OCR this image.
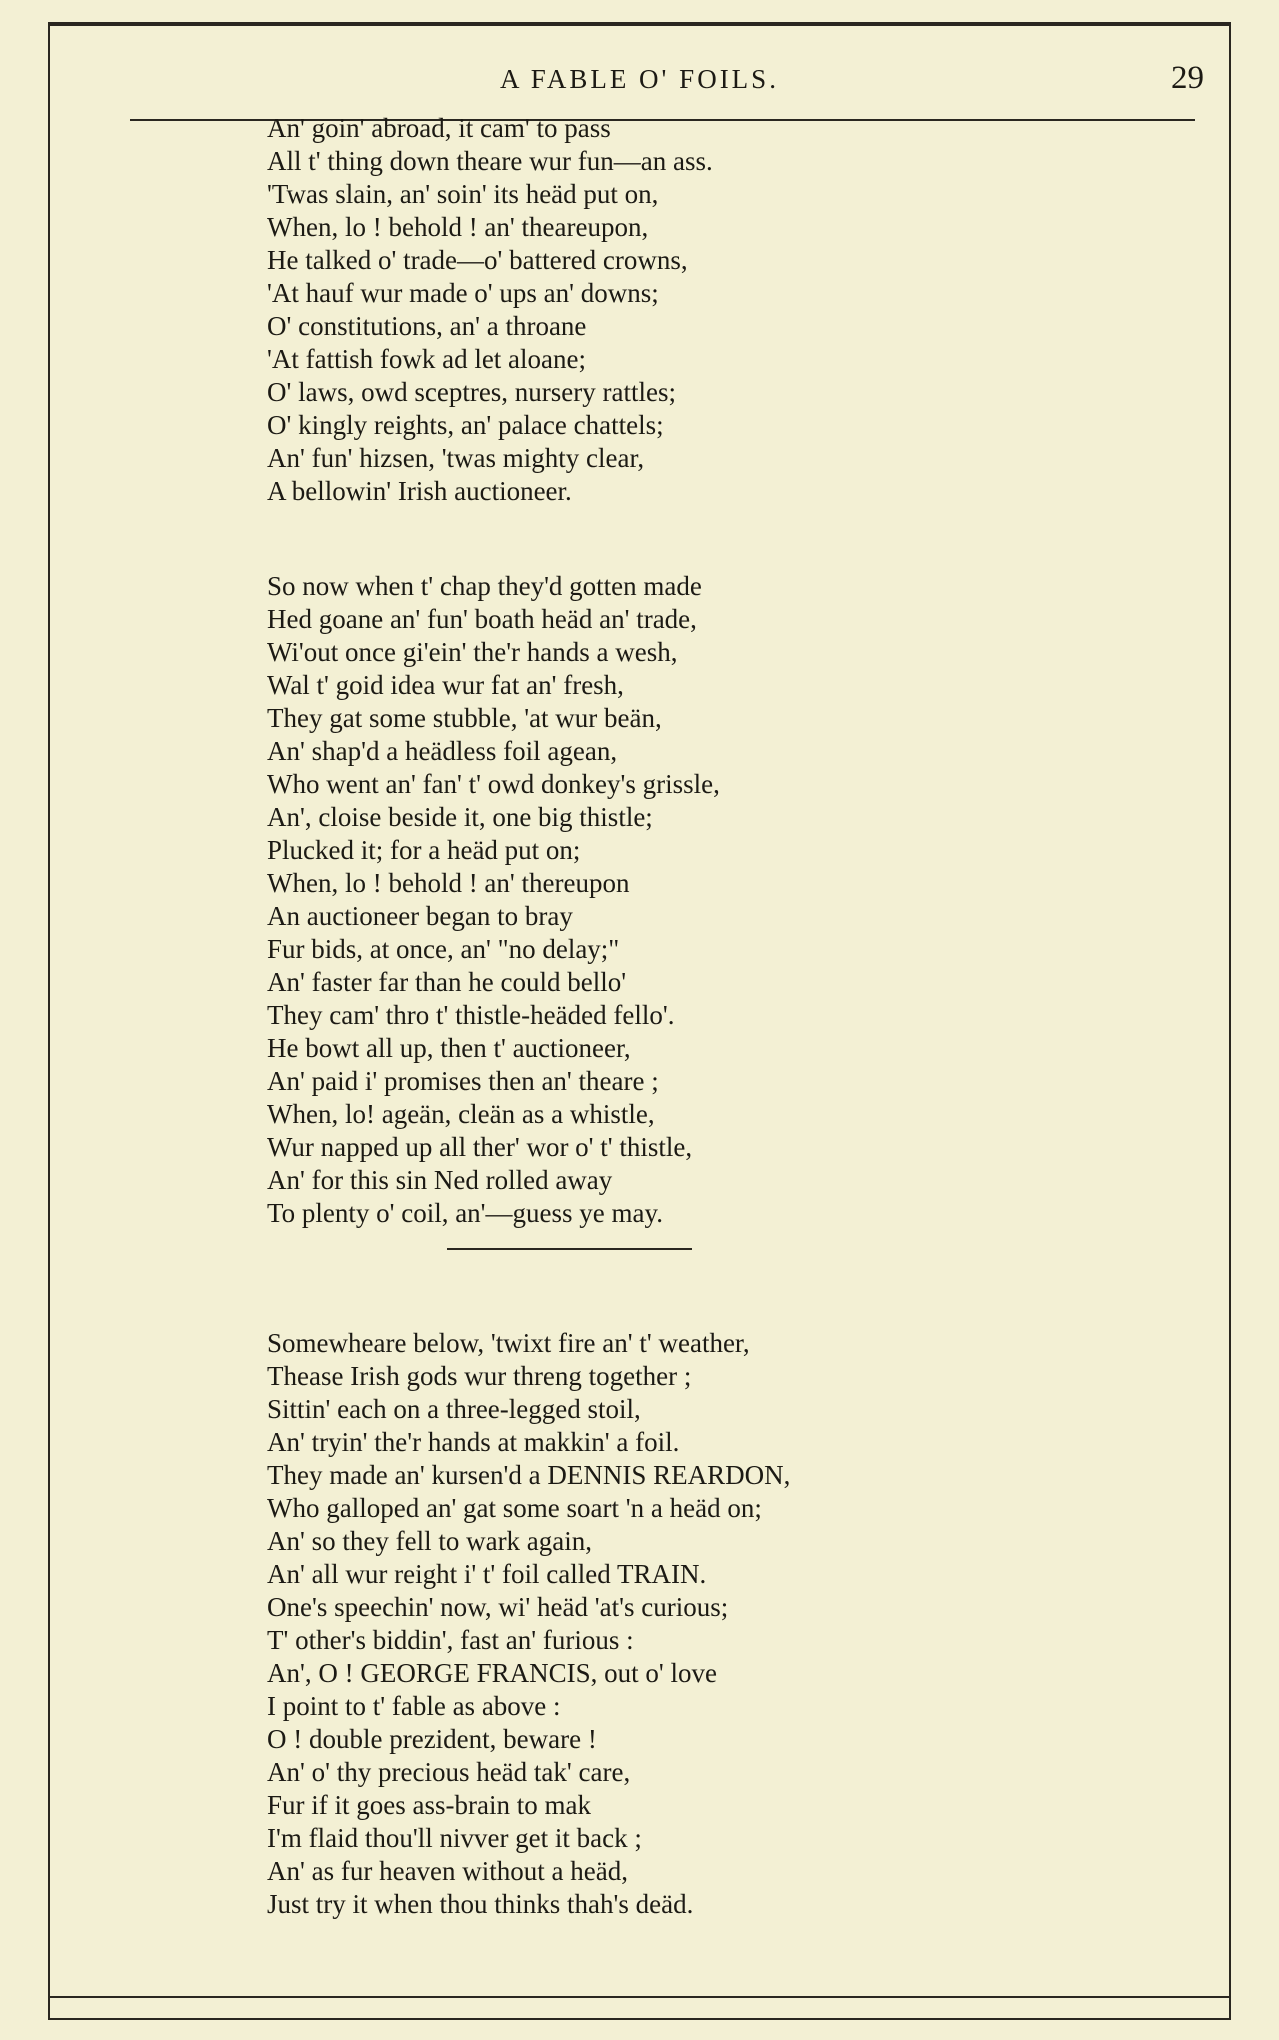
A FABLE O' FOILS.	29
An' goin' abroad, it cam' to pass
All t' thing down theare wur fun—an ass.
'Twas slain, an' soin' its heäd put on,
When, lo ! behold ! an' theareupon,
He talked o' trade—o' battered crowns,
'At hauf wur made o' ups an' downs;
O' constitutions, an' a throane
'At fattish fowk ad let aloane;
O' laws, owd sceptres, nursery rattles;
O' kingly reights, an' palace chattels;
An' fun' hizsen, 'twas mighty clear,
A bellowin' Irish auctioneer.
So now when t' chap they'd gotten made
Hed goane an' fun' boath heäd an' trade,
Wi'out once gi'ein' the'r hands a wesh,
Wal t' goid idea wur fat an' fresh,
They gat some stubble, 'at wur beän,
An' shap'd a heädless foil agean,
Who went an' fan' t' owd donkey's grissle,
An', cloise beside it, one big thistle;
Plucked it; for a heäd put on;
When, lo ! behold ! an' thereupon
An auctioneer began to bray
Fur bids, at once, an' "no delay;"
An' faster far than he could bello'
They cam' thro t' thistle-heäded fello'.
He bowt all up, then t' auctioneer,
An' paid i' promises then an' theare ;
When, lo! ageän, cleän as a whistle,
Wur napped up all ther' wor o' t' thistle,
An' for this sin Ned rolled away
To plenty o' coil, an'—guess ye may.
Somewheare below, 'twixt fire an' t' weather,
Thease Irish gods wur threng together ;
Sittin' each on a three-legged stoil,
An' tryin' the'r hands at makkin' a foil.
They made an' kursen'd a DENNIS REARDON,
Who galloped an' gat some soart 'n a heäd on;
An' so they fell to wark again,
An' all wur reight i' t' foil called TRAIN.
One's speechin' now, wi' heäd 'at's curious;
T' other's biddin', fast an' furious :
An', O ! GEORGE FRANCIS, out o' love
I point to t' fable as above :
O ! double prezident, beware !
An' o' thy precious heäd tak' care,
Fur if it goes ass-brain to mak
I'm flaid thou'll nivver get it back ;
An' as fur heaven without a heäd,
Just try it when thou thinks thah's deäd.
